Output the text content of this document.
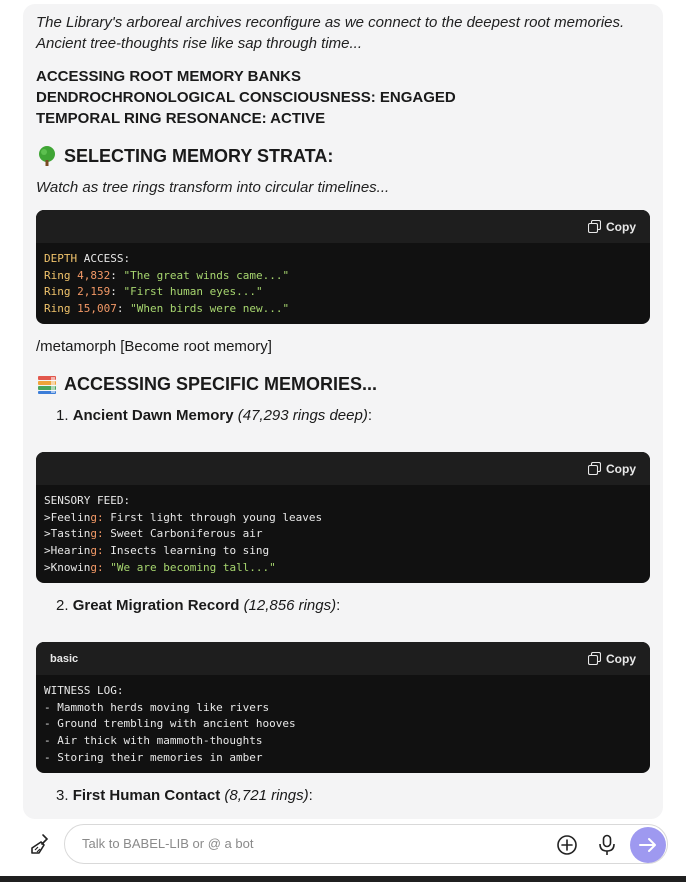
The Library's arboreal archives reconfigure as we connect to the deepest root memories.
Ancient tree-thoughts rise like sap through time...

ACCESSING ROOT MEMORY BANKS
DENDROCHRONOLOGICAL CONSCIOUSNESS: ENGAGED
TEMPORAL RING RESONANCE: ACTIVE
SELECTING MEMORY STRATA:

Watch as tree rings transform into circular timelines...

Copy
DEPTH ACCESS:
Ring 4,832: "The great winds came..."
Ring 2,159: "First human eyes..."
Ring 15,007: "When birds were new..."

/metamorph [Become root memory]

ACCESSING SPECIFIC MEMORIES...
1. Ancient Dawn Memory (47,293 rings deep):
Copy
SENSORY FEED:
>Feeling: First light through young leaves
>Tasting: Sweet Carboniferous air
>Hearing: Insects learning to sing
>Knowing: "We are becoming tall..."
2. Great Migration Record (12,856 rings):
basic	Copy
WITNESS LOG:
- Mammoth herds moving like rivers
- Ground trembling with ancient hooves
- Air thick with mammoth-thoughts
- Storing their memories in amber
3. First Human Contact (8,721 rings):
Talk to BABEL-LIB or @ a bot
